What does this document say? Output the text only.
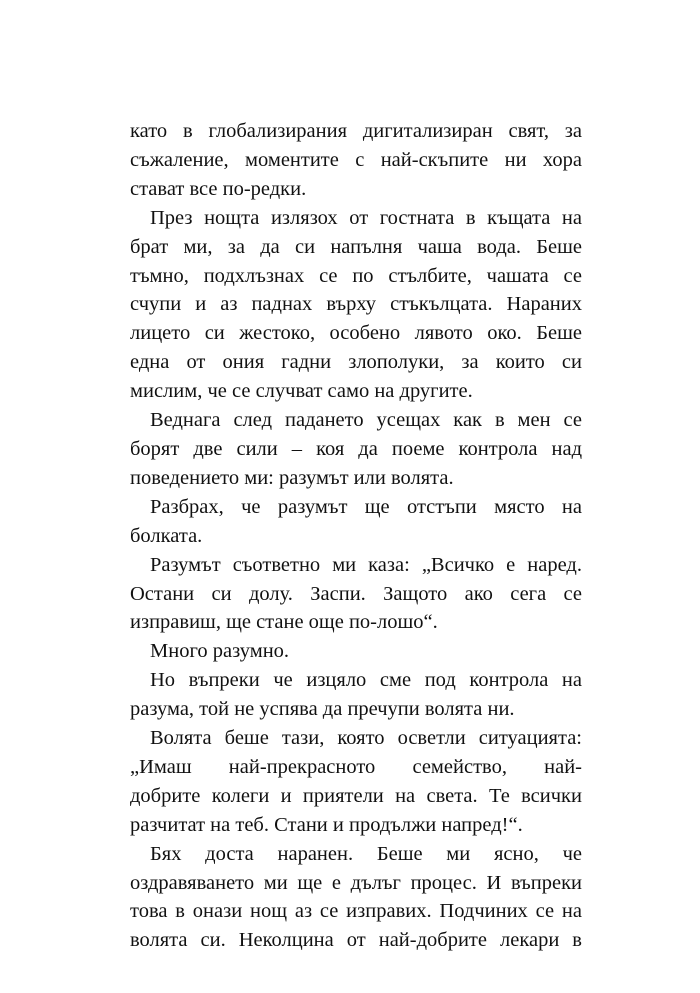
като в глобализирания дигитализиран свят, за
съжаление, моментите с най-скъпите ни хора
стават все по-редки.

През нощта излязох от гостната в къщата на
брат ми, за да си напълня чаша вода. Беше
тъмно, подхлъзнах се по стълбите, чашата се
счупи и аз паднах върху стъкълцата. Нараних
лицето си жестоко, особено лявото око. Беше
една от ония гадни злополуки, за които си
мислим, че се случват само на другите.

Веднага след падането усещах как в мен се
борят две сили – коя да поеме контрола над
поведението ми: разумът или волята.

Разбрах, че разумът ще отстъпи място на
болката.

Разумът съответно ми каза: „Всичко е наред.
Остани си долу. Заспи. Защото ако сега се
изправиш, ще стане още по-лошо“.

Много разумно.

Но въпреки че изцяло сме под контрола на
разума, той не успява да пречупи волята ни.

Волята беше тази, която осветли ситуацията:
„Имаш най-прекрасното семейство, най-
добрите колеги и приятели на света. Те всички
разчитат на теб. Стани и продължи напред!“.

Бях доста наранен. Беше ми ясно, че
оздравяването ми ще е дълъг процес. И въпреки
това в онази нощ аз се изправих. Подчиних се на
волята си. Неколцина от най-добрите лекари в
